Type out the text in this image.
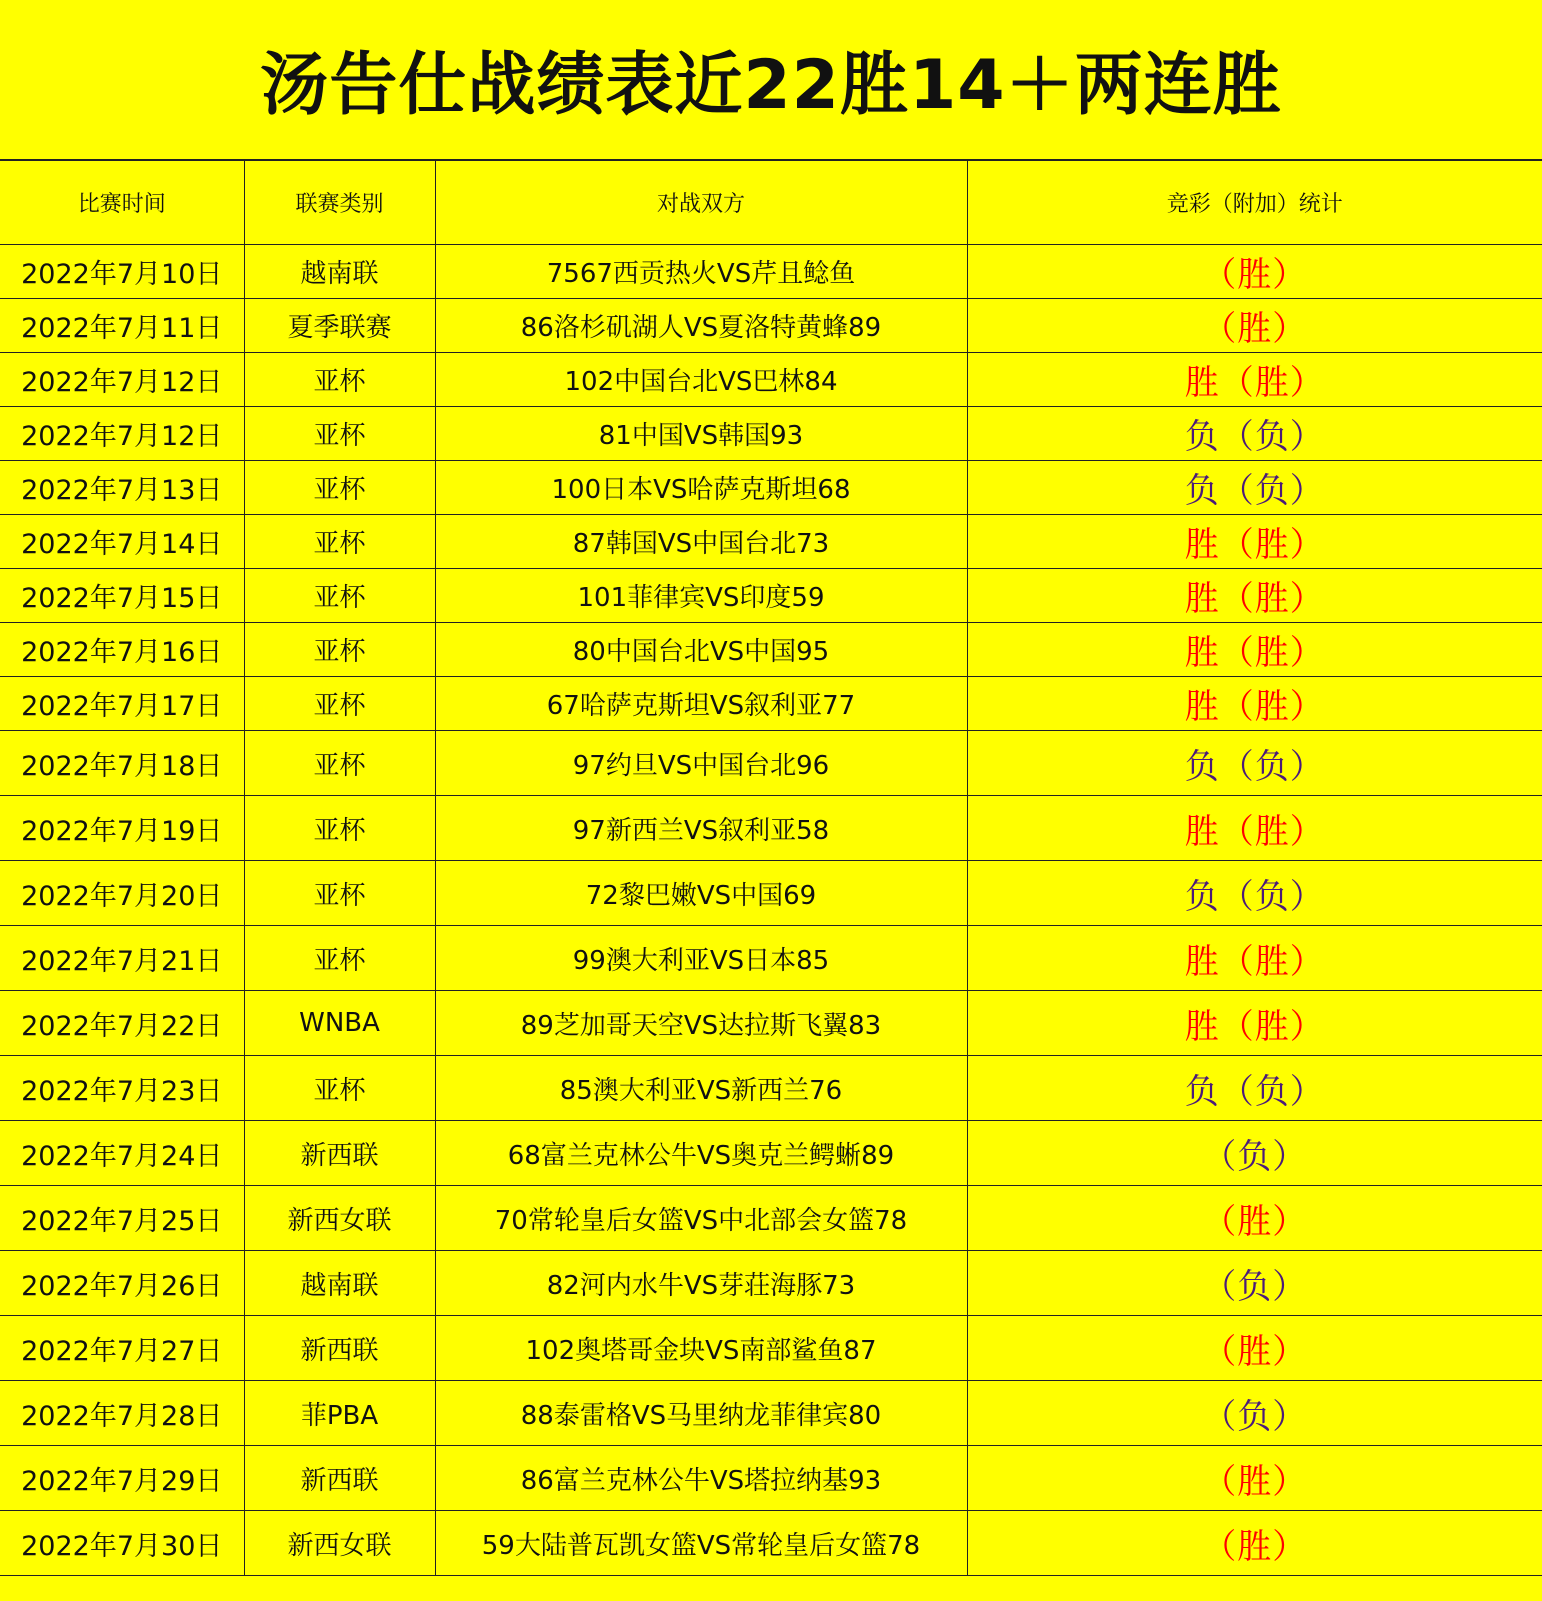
汤告仕战绩表近22胜14＋两连胜
比赛时间	联赛类别	对战双方	竞彩（附加）统计
2022年7月10日	越南联	7567西贡热火VS芹且鲶鱼	（胜）
2022年7月11日	夏季联赛	86洛杉矶湖人VS夏洛特黄蜂89	（胜）
2022年7月12日	亚杯	102中国台北VS巴林84	胜（胜）
2022年7月12日	亚杯	81中国VS韩国93	负（负）
2022年7月13日	亚杯	100日本VS哈萨克斯坦68	负（负）
2022年7月14日	亚杯	87韩国VS中国台北73	胜（胜）
2022年7月15日	亚杯	101菲律宾VS印度59	胜（胜）
2022年7月16日	亚杯	80中国台北VS中国95	胜（胜）
2022年7月17日	亚杯	67哈萨克斯坦VS叙利亚77	胜（胜）
2022年7月18日	亚杯	97约旦VS中国台北96	负（负）
2022年7月19日	亚杯	97新西兰VS叙利亚58	胜（胜）
2022年7月20日	亚杯	72黎巴嫩VS中国69	负（负）
2022年7月21日	亚杯	99澳大利亚VS日本85	胜（胜）
2022年7月22日	WNBA	89芝加哥天空VS达拉斯飞翼83	胜（胜）
2022年7月23日	亚杯	85澳大利亚VS新西兰76	负（负）
2022年7月24日	新西联	68富兰克林公牛VS奥克兰鳄蜥89	（负）
2022年7月25日	新西女联	70常轮皇后女篮VS中北部会女篮78	（胜）
2022年7月26日	越南联	82河内水牛VS芽荘海豚73	（负）
2022年7月27日	新西联	102奥塔哥金块VS南部鲨鱼87	（胜）
2022年7月28日	菲PBA	88泰雷格VS马里纳龙菲律宾80	（负）
2022年7月29日	新西联	86富兰克林公牛VS塔拉纳基93	（胜）
2022年7月30日	新西女联	59大陆普瓦凯女篮VS常轮皇后女篮78	（胜）
